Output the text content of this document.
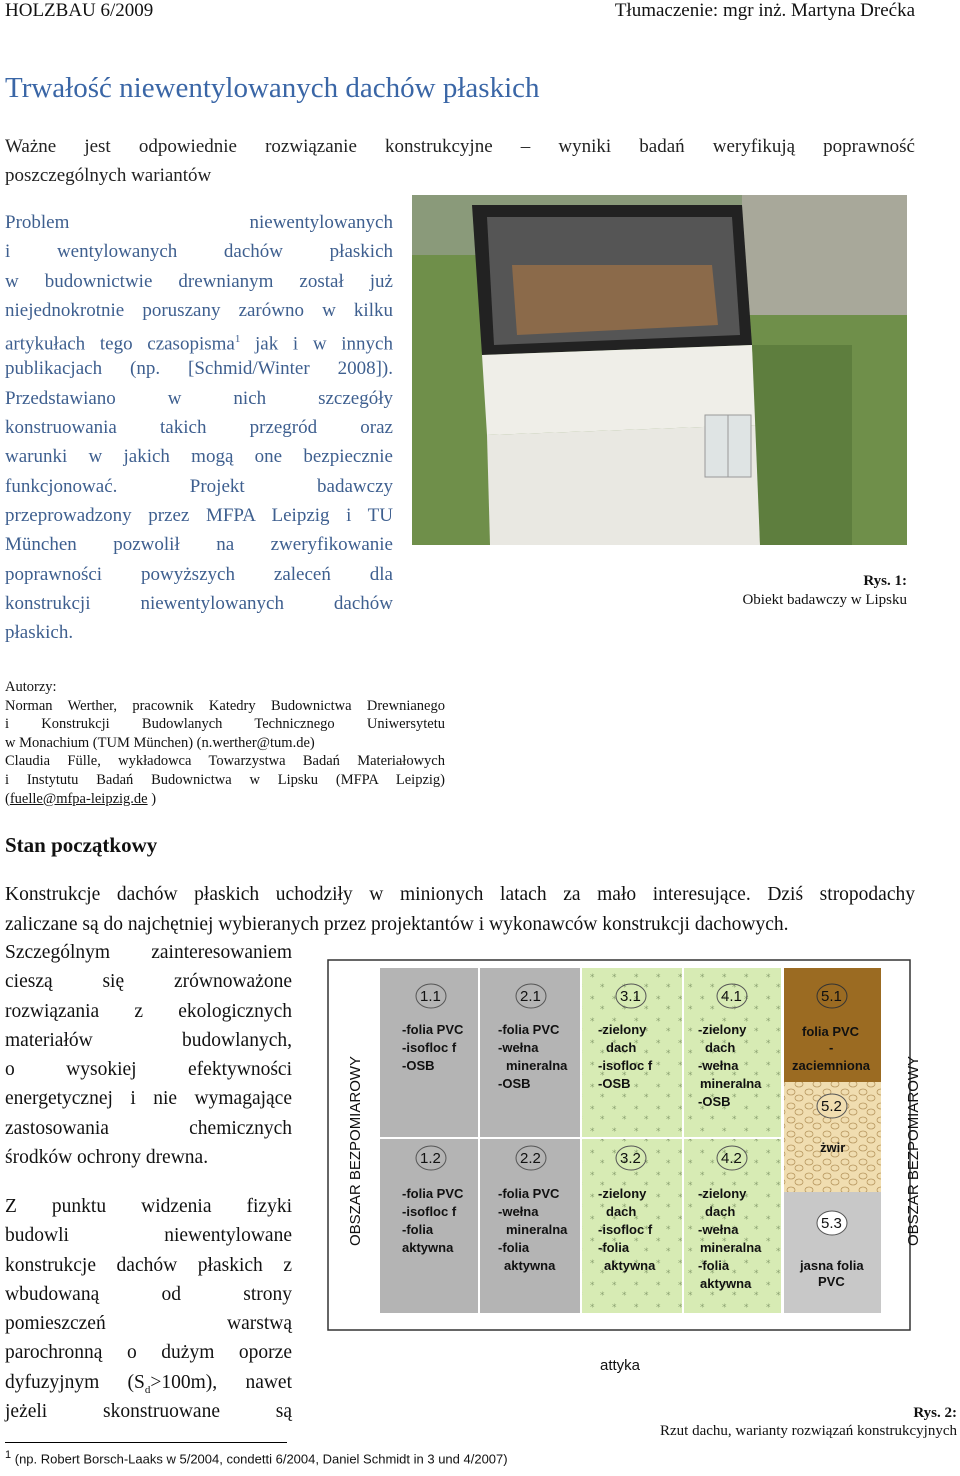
HOLZBAU 6/2009	Tłumaczenie: mgr inż. Martyna Drećka
Trwałość niewentylowanych dachów płaskich
Ważne jest odpowiednie rozwiązanie konstrukcyjne – wyniki badań weryfikują poprawność
poszczególnych wariantów
Problem niewentylowanych
i wentylowanych dachów płaskich
w budownictwie drewnianym został już
niejednokrotnie poruszany zarówno w kilku
artykułach tego czasopisma$^1$ jak i w innych
publikacjach (np. [Schmid/Winter 2008]).
Przedstawiano w nich szczegóły
konstruowania takich przegród oraz
warunki w jakich mogą one bezpiecznie
funkcjonować. Projekt badawczy
przeprowadzony przez MFPA Leipzig i TU
München pozwolił na zweryfikowanie
poprawności powyższych zaleceń dla
konstrukcji niewentylowanych dachów
płaskich.
Rys. 1:
Obiekt badawczy w Lipsku
Autorzy:
Norman Werther, pracownik Katedry Budownictwa Drewnianego
i Konstrukcji Budowlanych Technicznego Uniwersytetu
w Monachium (TUM München) (n.werther@tum.de)
Claudia Fülle, wykładowca Towarzystwa Badań Materiałowych
i Instytutu Badań Budownictwa w Lipsku (MFPA Leipzig)
(fuelle@mfpa-leipzig.de )
Stan początkowy
Konstrukcje dachów płaskich uchodziły w minionych latach za mało interesujące. Dziś stropodachy
zaliczane są do najchętniej wybieranych przez projektantów i wykonawców konstrukcji dachowych.
Szczególnym zainteresowaniem
cieszą się zrównoważone
rozwiązania z ekologicznych
materiałów budowlanych,
o wysokiej efektywności
energetycznej i nie wymagające
zastosowania chemicznych
środków ochrony drewna.
Z punktu widzenia fizyki
budowli niewentylowane
konstrukcje dachów płaskich z
wbudowaną od strony
pomieszczeń warstwą
parochronną o dużym oporze
dyfuzyjnym $(S_d>100m)$, nawet
jeżeli skonstruowane są
OBSZAR BEZPOMIAROWY	OBSZAR BEZPOMIAROWY
attyka
1.1
-folia PVC
-isofloc f
-OSB
2.1
-folia PVC
-wełna
mineralna
-OSB
3.1
-zielony
dach
-isofloc f
-OSB
4.1
-zielony
dach
-wełna
mineralna
-OSB
5.1
folia PVC
-
zaciemniona
5.2
żwir
1.2
-folia PVC
-isofloc f
-folia
aktywna
2.2
-folia PVC
-wełna
mineralna
-folia
aktywna
3.2
-zielony
dach
-isofloc f
-folia
aktywna
4.2
-zielony
dach
-wełna
mineralna
-folia
aktywna
5.3
jasna folia
PVC
Rys. 2:
Rzut dachu, warianty rozwiązań konstrukcyjnych
$^1$ (np. Robert Borsch-Laaks w 5/2004, condetti 6/2004, Daniel Schmidt in 3 und 4/2007)
